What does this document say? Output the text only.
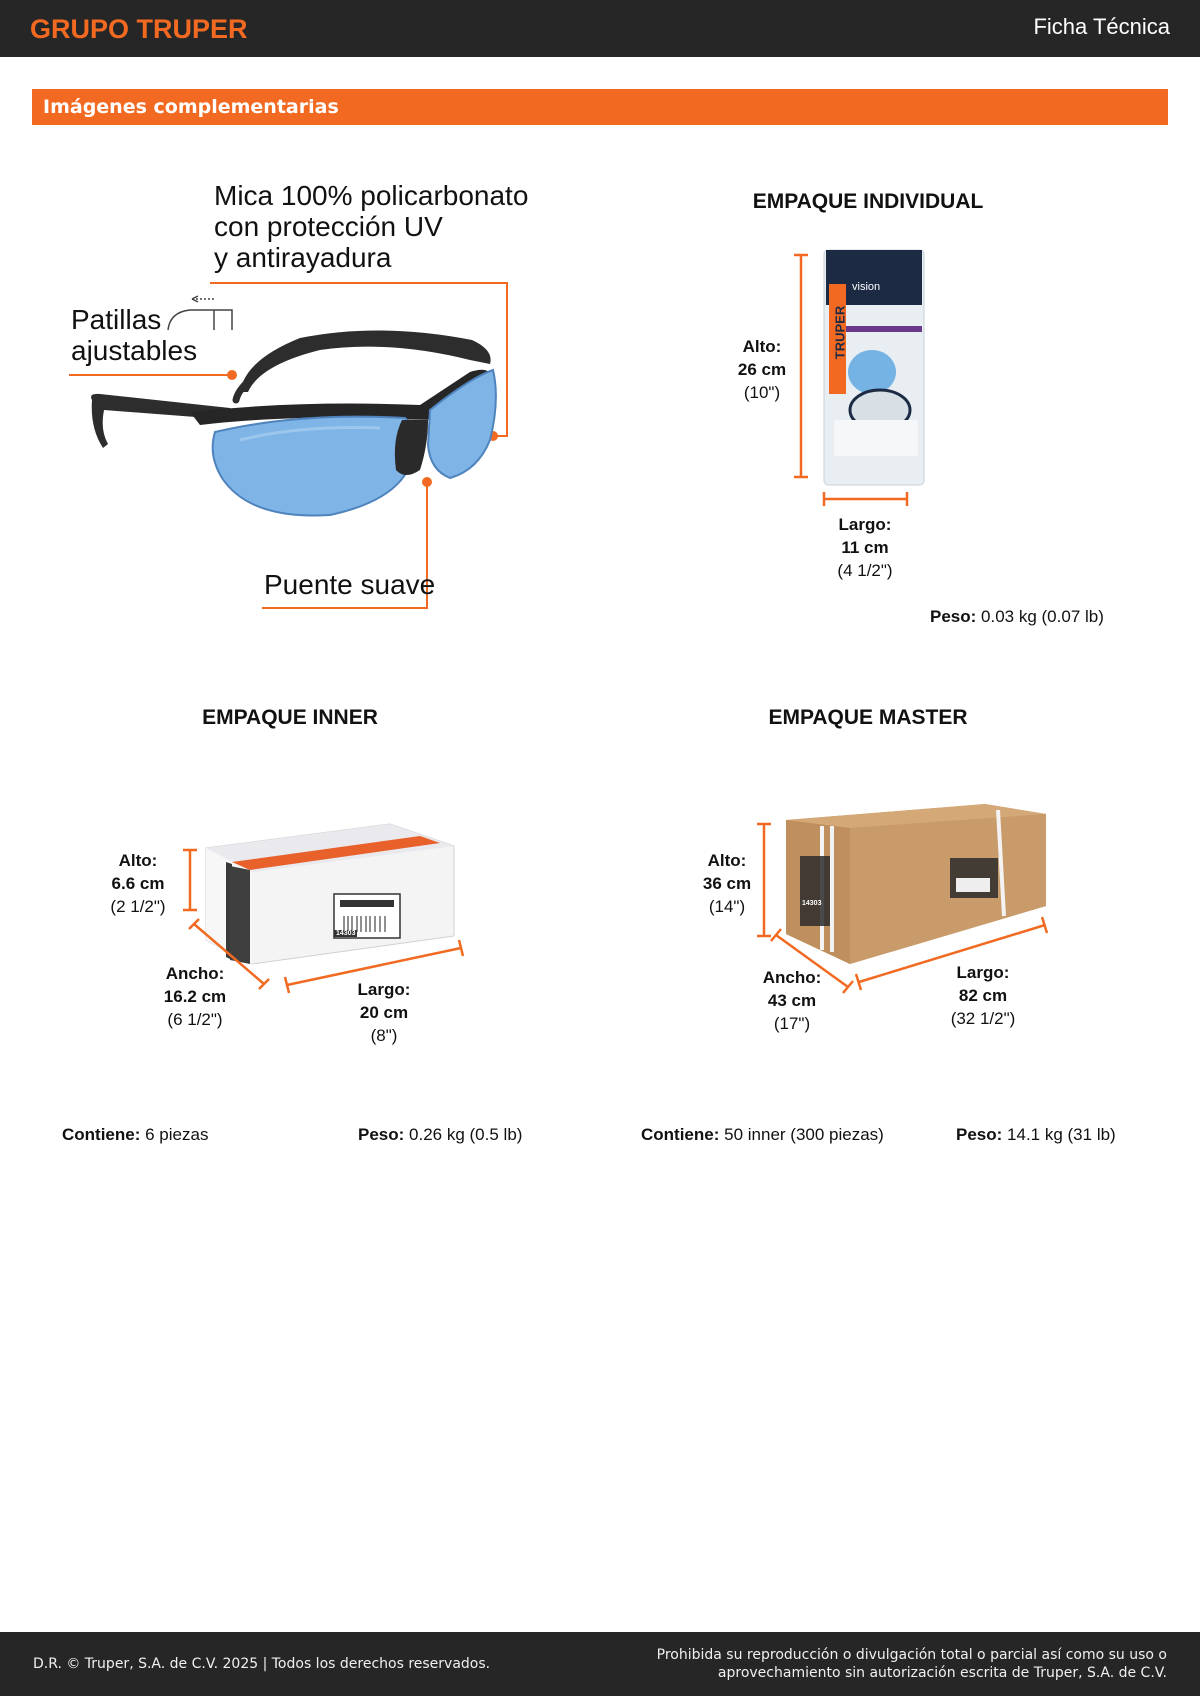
GRUPO TRUPER	Ficha Técnica
Imágenes complementarias
Mica 100% policarbonato
con protección UV
y antirayadura
Patillas
ajustables
Puente suave
EMPAQUE INDIVIDUAL
TRUPER
vision
Alto:
26 cm
(10")
Largo:
11 cm
(4 1/2")
Peso: 0.03 kg (0.07 lb)
EMPAQUE INNER
14303
Alto:
6.6 cm
(2 1/2")
Ancho:
16.2 cm
(6 1/2")
Largo:
20 cm
(8")
Contiene: 6 piezas	Peso: 0.26 kg (0.5 lb)
EMPAQUE MASTER
14303
Alto:
36 cm
(14")
Ancho:
43 cm
(17")
Largo:
82 cm
(32 1/2")
Contiene: 50 inner (300 piezas)	Peso: 14.1 kg (31 lb)
D.R. © Truper, S.A. de C.V. 2025 | Todos los derechos reservados.
Prohibida su reproducción o divulgación total o parcial así como su uso o
aprovechamiento sin autorización escrita de Truper, S.A. de C.V.
